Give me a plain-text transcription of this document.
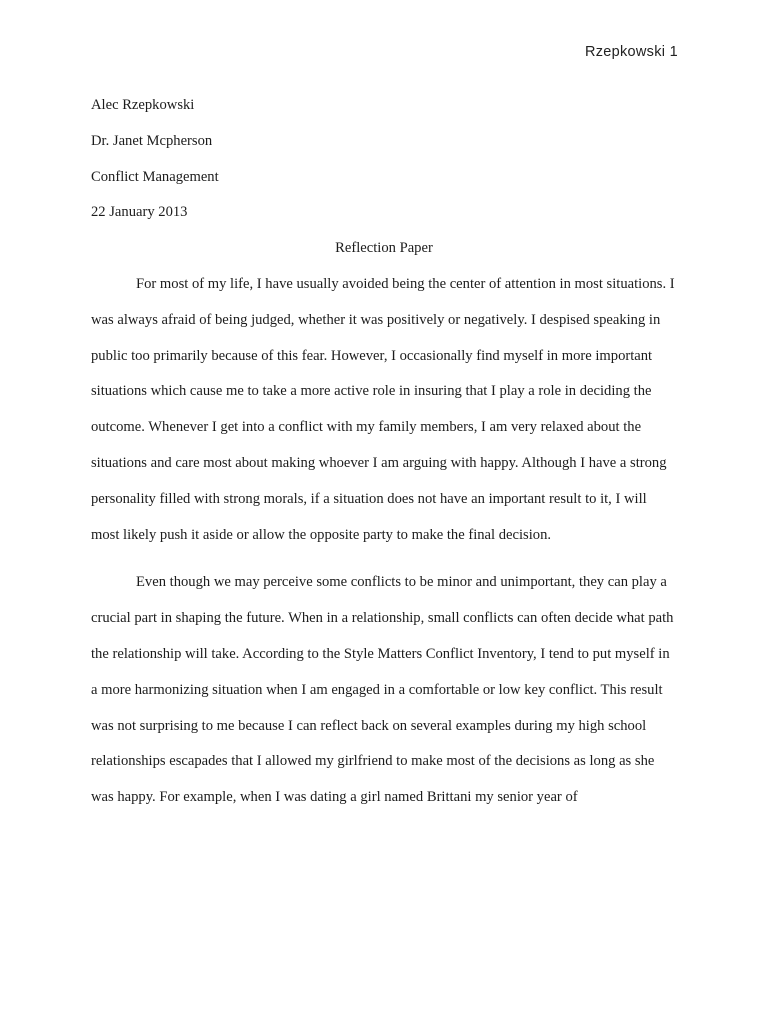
Rzepkowski 1
Alec Rzepkowski
Dr. Janet Mcpherson
Conflict Management
22 January 2013
Reflection Paper

For most of my life, I have usually avoided being the center of attention in most situations. I was always afraid of being judged, whether it was positively or negatively. I despised speaking in public too primarily because of this fear. However, I occasionally find myself in more important situations which cause me to take a more active role in insuring that I play a role in deciding the outcome. Whenever I get into a conflict with my family members, I am very relaxed about the situations and care most about making whoever I am arguing with happy. Although I have a strong personality filled with strong morals, if a situation does not have an important result to it, I will most likely push it aside or allow the opposite party to make the final decision.

Even though we may perceive some conflicts to be minor and unimportant, they can play a crucial part in shaping the future. When in a relationship, small conflicts can often decide what path the relationship will take. According to the Style Matters Conflict Inventory, I tend to put myself in a more harmonizing situation when I am engaged in a comfortable or low key conflict. This result was not surprising to me because I can reflect back on several examples during my high school relationships escapades that I allowed my girlfriend to make most of the decisions as long as she was happy. For example, when I was dating a girl named Brittani my senior year of
